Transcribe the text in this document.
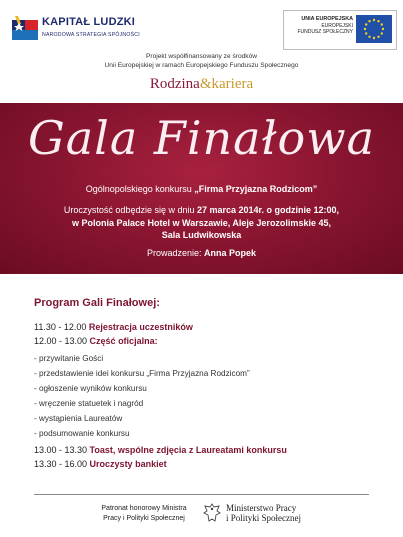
KAPITAŁ LUDZKI
NARODOWA STRATEGIA SPÓJNOŚCI
UNIA EUROPEJSKA
EUROPEJSKI
FUNDUSZ SPOŁECZNY
Projekt współfinansowany ze środków
Unii Europejskiej w ramach Europejskiego Funduszu Społecznego
Rodzina&kariera
Gala Finałowa
Ogólnopolskiego konkursu „Firma Przyjazna Rodzicom”
Uroczystość odbędzie się w dniu 27 marca 2014r. o godzinie 12:00,
w Polonia Palace Hotel w Warszawie, Aleje Jerozolimskie 45,
Sala Ludwikowska
Prowadzenie: Anna Popek
Program Gali Finałowej:
11.30 - 12.00 Rejestracja uczestników
12.00 - 13.00 Część oficjalna:
- przywitanie Gości
- przedstawienie idei konkursu „Firma Przyjazna Rodzicom”
- ogłoszenie wyników konkursu
- wręczenie statuetek i nagród
- wystąpienia Laureatów
- podsumowanie konkursu
13.00 - 13.30 Toast, wspólne zdjęcia z Laureatami konkursu
13.30 - 16.00 Uroczysty bankiet
Patronat honorowy Ministra
Pracy i Polityki Społecznej
Ministerstwo Pracy
i Polityki Społecznej
